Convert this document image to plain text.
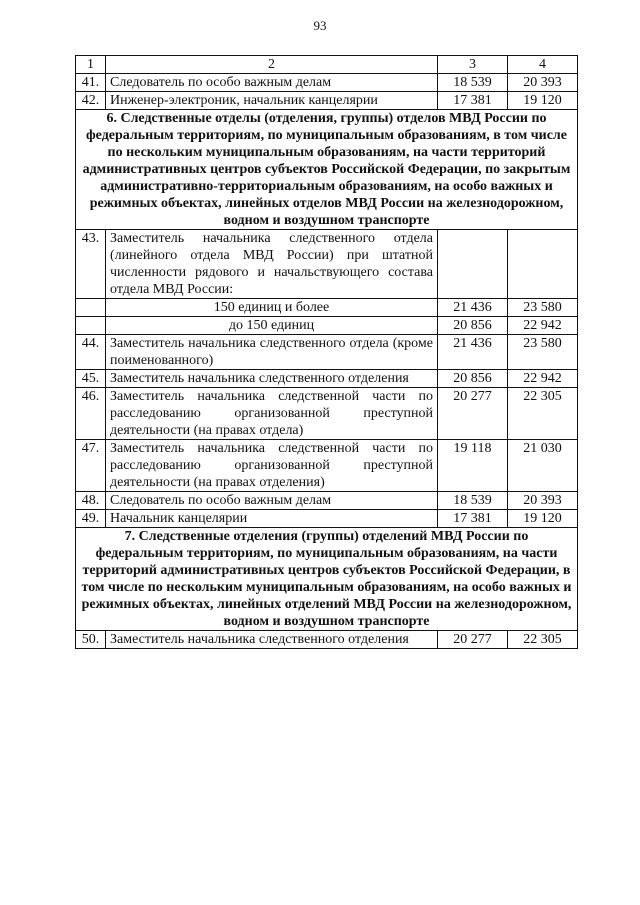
93
1	2	3	4
41.	Следователь по особо важным делам	18 539	20 393
42.	Инженер-электроник, начальник канцелярии	17 381	19 120
6. Следственные отделы (отделения, группы) отделов МВД России по федеральным территориям, по муниципальным образованиям, в том числе по нескольким муниципальным образованиям, на части территорий административных центров субъектов Российской Федерации, по закрытым административно-территориальным образованиям, на особо важных и режимных объектах, линейных отделов МВД России на железнодорожном, водном и воздушном транспорте			
43.	Заместитель начальника следственного отдела (линейного отдела МВД России) при штатной численности рядового и начальствующего состава отдела МВД России:		
	150 единиц и более	21 436	23 580
	до 150 единиц	20 856	22 942
44.	Заместитель начальника следственного отдела (кроме поименованного)	21 436	23 580
45.	Заместитель начальника следственного отделения	20 856	22 942
46.	Заместитель начальника следственной части по расследованию организованной преступной деятельности (на правах отдела)	20 277	22 305
47.	Заместитель начальника следственной части по расследованию организованной преступной деятельности (на правах отделения)	19 118	21 030
48.	Следователь по особо важным делам	18 539	20 393
49.	Начальник канцелярии	17 381	19 120
7. Следственные отделения (группы) отделений МВД России по федеральным территориям, по муниципальным образованиям, на части территорий административных центров субъектов Российской Федерации, в том числе по нескольким муниципальным образованиям, на особо важных и режимных объектах, линейных отделений МВД России на железнодорожном, водном и воздушном транспорте			
50.	Заместитель начальника следственного отделения	20 277	22 305
